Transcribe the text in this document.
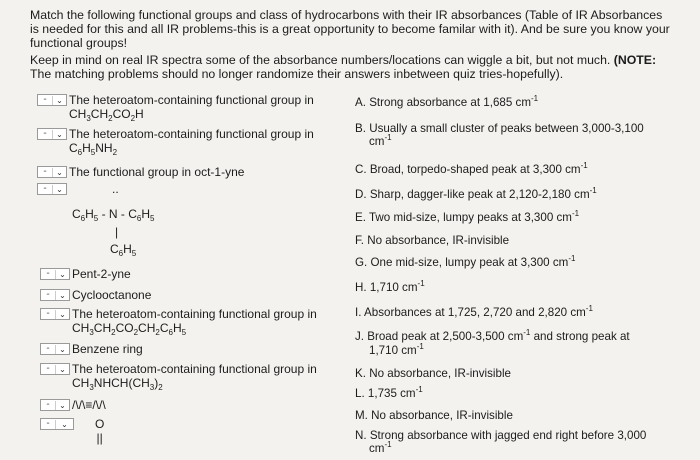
Match the following functional groups and class of hydrocarbons with their IR absorbances (Table of IR Absorbances is needed for this and all IR problems-this is a great opportunity to become familar with it). And be sure you know your functional groups!

Keep in mind on real IR spectra some of the absorbance numbers/locations can wiggle a bit, but not much. (NOTE: The matching problems should no longer randomize their answers inbetween quiz tries-hopefully).

-	⌄ The heteroatom-containing functional group in
$CH_3CH_2CO_2H$
-	⌄ The heteroatom-containing functional group in
$C_6H_5NH_2$
-	⌄ The functional group in oct-1-yne
-	⌄	..
$C_6H_5$ - N - $C_6H_5$
|
$C_6H_5$
-	⌄ Pent-2-yne
-	⌄ Cyclooctanone
-	⌄ The heteroatom-containing functional group in
$CH_3CH_2CO_2CH_2C_6H_5$
-	⌄ Benzene ring
-	⌄ The heteroatom-containing functional group in
$CH_3NHCH(CH_3)_2$
-	⌄ /\/\≡/\/\
-	⌄	O
||
A. Strong absorbance at 1,685 $cm^{-1}$
B. Usually a small cluster of peaks between 3,000-3,100
$cm^{-1}$
C. Broad, torpedo-shaped peak at 3,300 $cm^{-1}$
D. Sharp, dagger-like peak at 2,120-2,180 $cm^{-1}$
E. Two mid-size, lumpy peaks at 3,300 $cm^{-1}$
F. No absorbance, IR-invisible
G. One mid-size, lumpy peak at 3,300 $cm^{-1}$
H. 1,710 $cm^{-1}$
I. Absorbances at 1,725, 2,720 and 2,820 $cm^{-1}$
J. Broad peak at 2,500-3,500 $cm^{-1}$ and strong peak at
1,710 $cm^{-1}$
K. No absorbance, IR-invisible
L. 1,735 $cm^{-1}$
M. No absorbance, IR-invisible
N. Strong absorbance with jagged end right before 3,000
$cm^{-1}$
